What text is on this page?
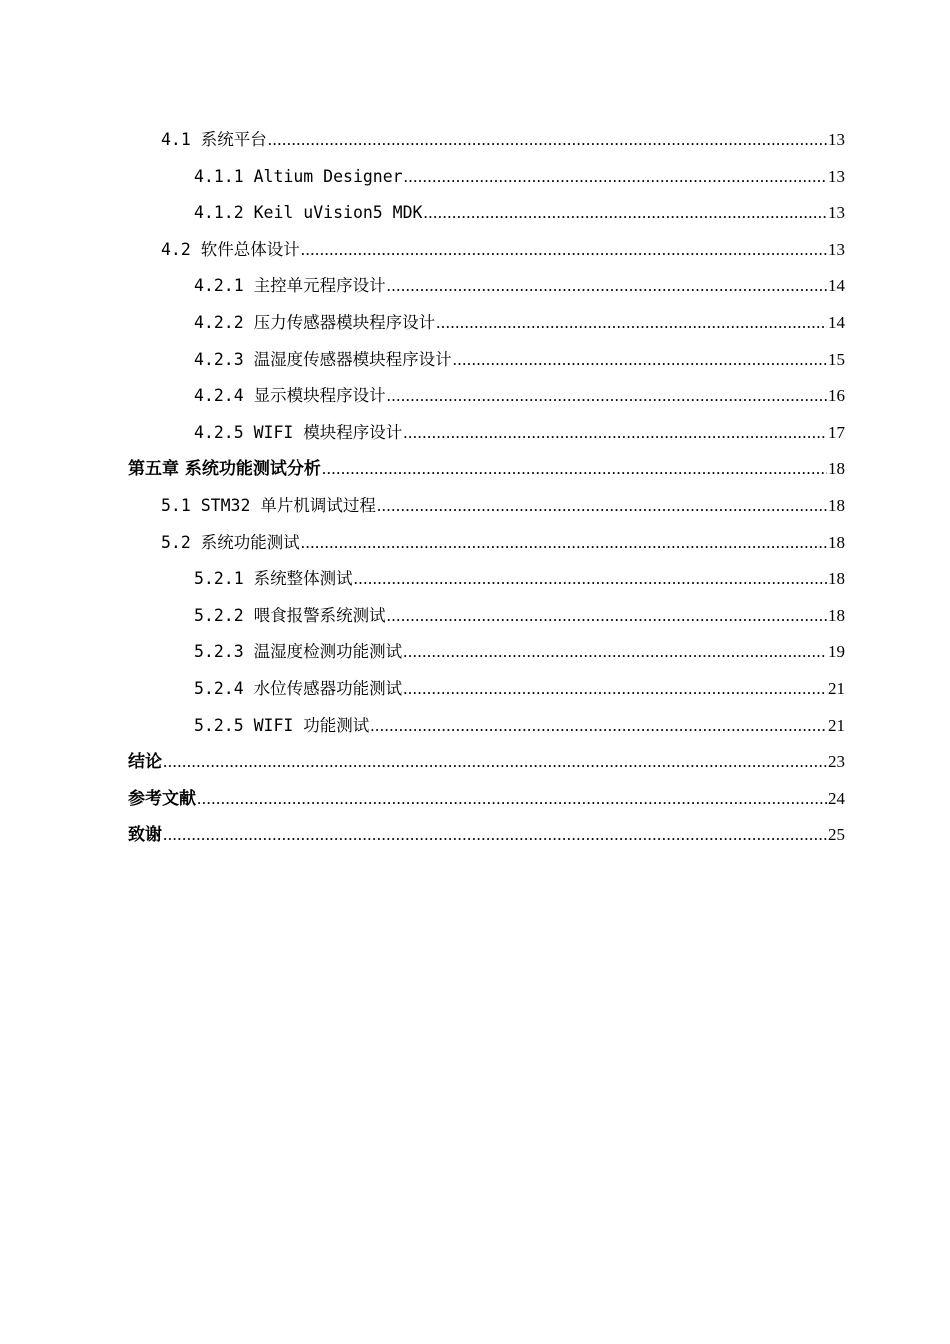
4.1 系统平台 .....	13
4.1.1 Altium Designer .....	13
4.1.2 Keil uVision5 MDK .....	13
4.2 软件总体设计 .....	13
4.2.1 主控单元程序设计 .....	14
4.2.2 压力传感器模块程序设计 .....	14
4.2.3 温湿度传感器模块程序设计 .....	15
4.2.4 显示模块程序设计 .....	16
4.2.5 WIFI 模块程序设计 .....	17
第五章 系统功能测试分析 .....	18
5.1 STM32 单片机调试过程 .....	18
5.2 系统功能测试 .....	18
5.2.1 系统整体测试 .....	18
5.2.2 喂食报警系统测试 .....	18
5.2.3 温湿度检测功能测试 .....	19
5.2.4 水位传感器功能测试 .....	21
5.2.5 WIFI 功能测试 .....	21
结论 .....	23
参考文献 .....	24
致谢 .....	25
